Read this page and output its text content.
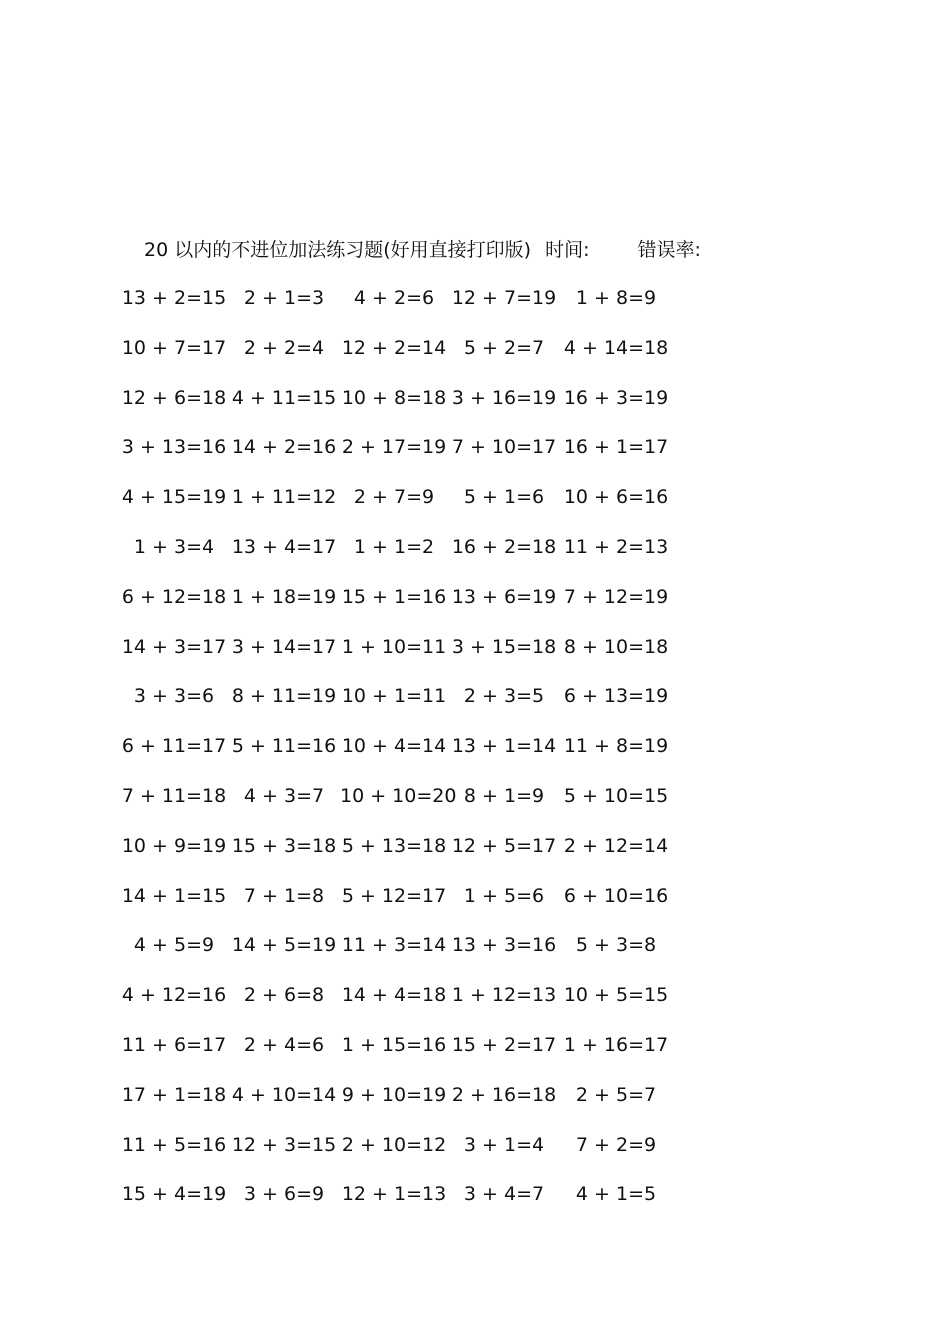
20 以内的不进位加法练习题(好用直接打印版) 时间:	错误率:
13 + 2=15 2 + 1=3	4 + 2=6 12 + 7=19	1 + 8=9
10 + 7=17 2 + 2=4 12 + 2=14 5 + 2=7	4 + 14=18
12 + 6=18 4 + 11=15 10 + 8=18 3 + 16=19 16 + 3=19
3 + 13=16 14 + 2=16 2 + 17=19 7 + 10=17 16 + 1=17
4 + 15=19 1 + 11=12 2 + 7=9	5 + 1=6	10 + 6=16
1 + 3=4 13 + 4=17 1 + 1=2 16 + 2=18 11 + 2=13
6 + 12=18 1 + 18=19 15 + 1=16 13 + 6=19 7 + 12=19
14 + 3=17 3 + 14=17 1 + 10=11 3 + 15=18 8 + 10=18
3 + 3=6 8 + 11=19 10 + 1=11 2 + 3=5	6 + 13=19
6 + 11=17 5 + 11=16 10 + 4=14 13 + 1=14 11 + 8=19
7 + 11=18 4 + 3=7 10 + 10=20 8 + 1=9	5 + 10=15
10 + 9=19 15 + 3=18 5 + 13=18 12 + 5=17 2 + 12=14
14 + 1=15 7 + 1=8 5 + 12=17 1 + 5=6	6 + 10=16
4 + 5=9 14 + 5=19 11 + 3=14 13 + 3=16	5 + 3=8
4 + 12=16 2 + 6=8 14 + 4=18 1 + 12=13 10 + 5=15
11 + 6=17 2 + 4=6 1 + 15=16 15 + 2=17 1 + 16=17
17 + 1=18 4 + 10=14 9 + 10=19 2 + 16=18	2 + 5=7
11 + 5=16 12 + 3=15 2 + 10=12 3 + 1=4	7 + 2=9
15 + 4=19 3 + 6=9 12 + 1=13 3 + 4=7	4 + 1=5
